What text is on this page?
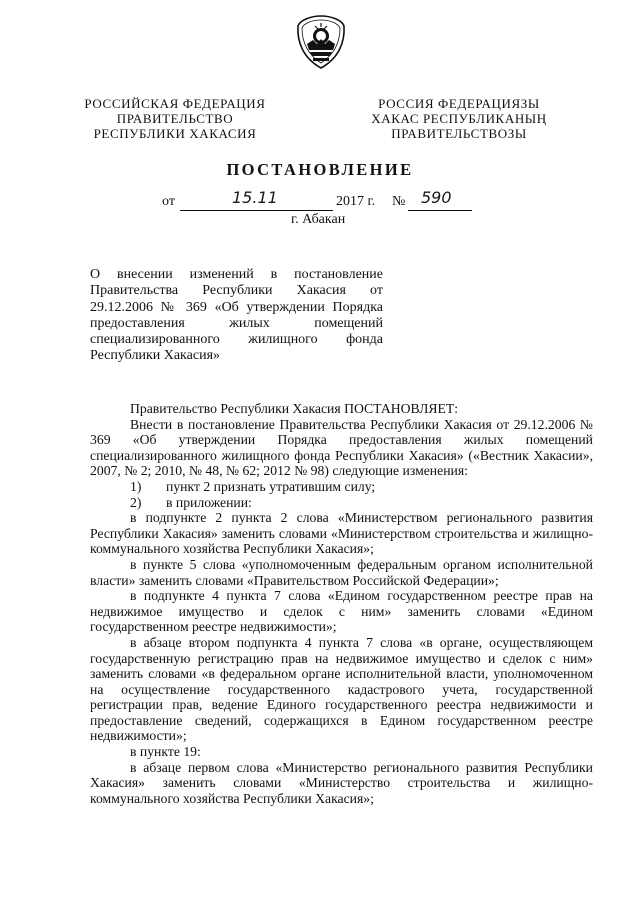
РОССИЙСКАЯ ФЕДЕРАЦИЯ
ПРАВИТЕЛЬСТВО
РЕСПУБЛИКИ ХАКАСИЯ
РОССИЯ ФЕДЕРАЦИЯЗЫ
ХАКАС РЕСПУБЛИКАНЫҢ
ПРАВИТЕЛЬСТВОЗЫ
ПОСТАНОВЛЕНИЕ
от	15.11	2017 г. № 590
г. Абакан

О внесении изменений в постановление

Правительства Республики Хакасия от

29.12.2006 № 369 «Об утверждении Порядка

предоставления жилых помещений

специализированного жилищного фонда

Республики Хакасия»

Правительство Республики Хакасия ПОСТАНОВЛЯЕТ:

Внести в постановление Правительства Республики Хакасия от 29.12.2006 № 369 «Об утверждении Порядка предоставления жилых помещений специализированного жилищного фонда Республики Хакасия» («Вестник Хакасии», 2007, № 2; 2010, № 48, № 62; 2012 № 98) следующие изменения:

1)	пункт 2 признать утратившим силу;
2)	в приложении:

в подпункте 2 пункта 2 слова «Министерством регионального развития Республики Хакасия» заменить словами «Министерством строительства и жилищно-коммунального хозяйства Республики Хакасия»;

в пункте 5 слова «уполномоченным федеральным органом исполнительной власти» заменить словами «Правительством Российской Федерации»;

в подпункте 4 пункта 7 слова «Едином государственном реестре прав на недвижимое имущество и сделок с ним» заменить словами «Едином государственном реестре недвижимости»;

в абзаце втором подпункта 4 пункта 7 слова «в органе, осуществляющем государственную регистрацию прав на недвижимое имущество и сделок с ним» заменить словами «в федеральном органе исполнительной власти, уполномоченном на осуществление государственного кадастрового учета, государственной регистрации прав, ведение Единого государственного реестра недвижимости и предоставление сведений, содержащихся в Едином государственном реестре недвижимости»;

в пункте 19:

в абзаце первом слова «Министерство регионального развития Республики Хакасия» заменить словами «Министерство строительства и жилищно-коммунального хозяйства Республики Хакасия»;
